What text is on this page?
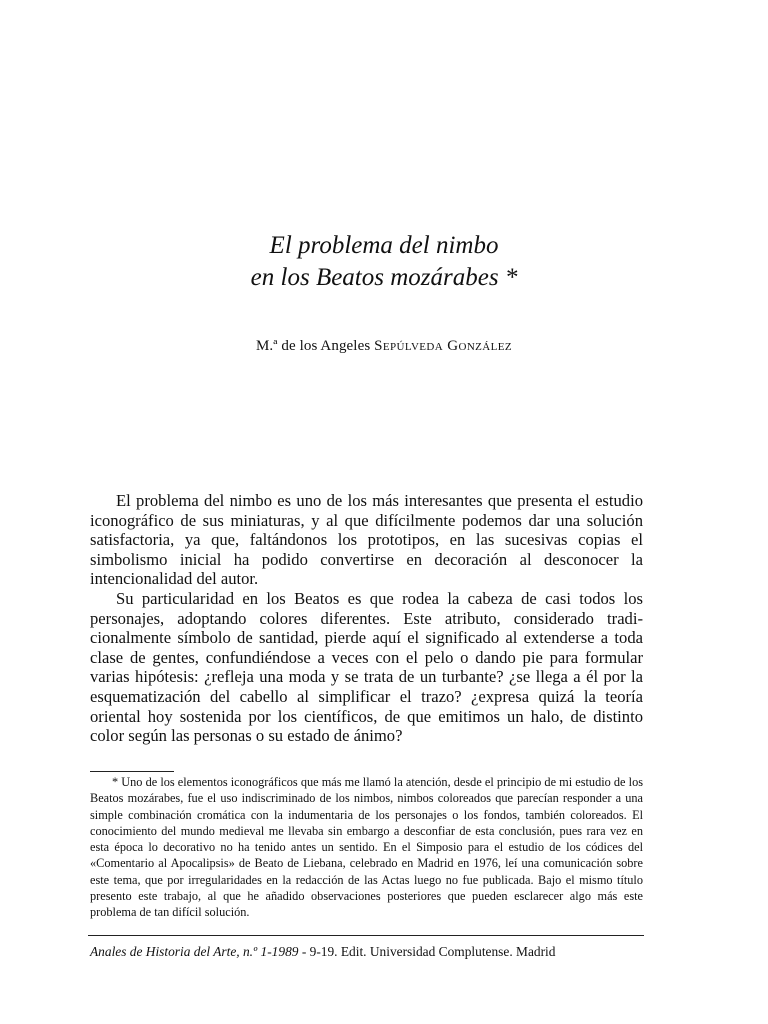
El problema del nimbo
en los Beatos mozárabes *
M.ª de los Angeles Sepúlveda González

El problema del nimbo es uno de los más interesantes que presenta el estudio iconográfico de sus miniaturas, y al que difícilmente podemos dar una solución satisfactoria, ya que, faltándonos los prototipos, en las sucesivas copias el simbolismo inicial ha podido convertirse en decoración al desconocer la intencionalidad del autor.

Su particularidad en los Beatos es que rodea la cabeza de casi todos los personajes, adoptando colores diferentes. Este atributo, considerado tradicionalmente símbolo de santidad, pierde aquí el significado al extenderse a toda clase de gentes, confundiéndose a veces con el pelo o dando pie para formular varias hipótesis: ¿refleja una moda y se trata de un turbante? ¿se llega a él por la esquematización del cabello al simplificar el trazo? ¿expresa quizá la teoría oriental hoy sostenida por los científicos, de que emitimos un halo, de distinto color según las personas o su estado de ánimo?

* Uno de los elementos iconográficos que más me llamó la atención, desde el principio de mi estudio de los Beatos mozárabes, fue el uso indiscriminado de los nimbos, nimbos coloreados que parecían responder a una simple combinación cromática con la indumentaria de los personajes o los fondos, también coloreados. El conocimiento del mundo medieval me llevaba sin embargo a desconfiar de esta conclusión, pues rara vez en esta época lo decorativo no ha tenido antes un sentido. En el Simposio para el estudio de los códices del «Comentario al Apocalipsis» de Beato de Liebana, celebrado en Madrid en 1976, leí una comunicación sobre este tema, que por irregularidades en la redacción de las Actas luego no fue publicada. Bajo el mismo título presento este trabajo, al que he añadido observaciones posteriores que pueden esclarecer algo más este problema de tan difícil solución.

Anales de Historia del Arte, n.º 1-1989 - 9-19. Edit. Universidad Complutense. Madrid
